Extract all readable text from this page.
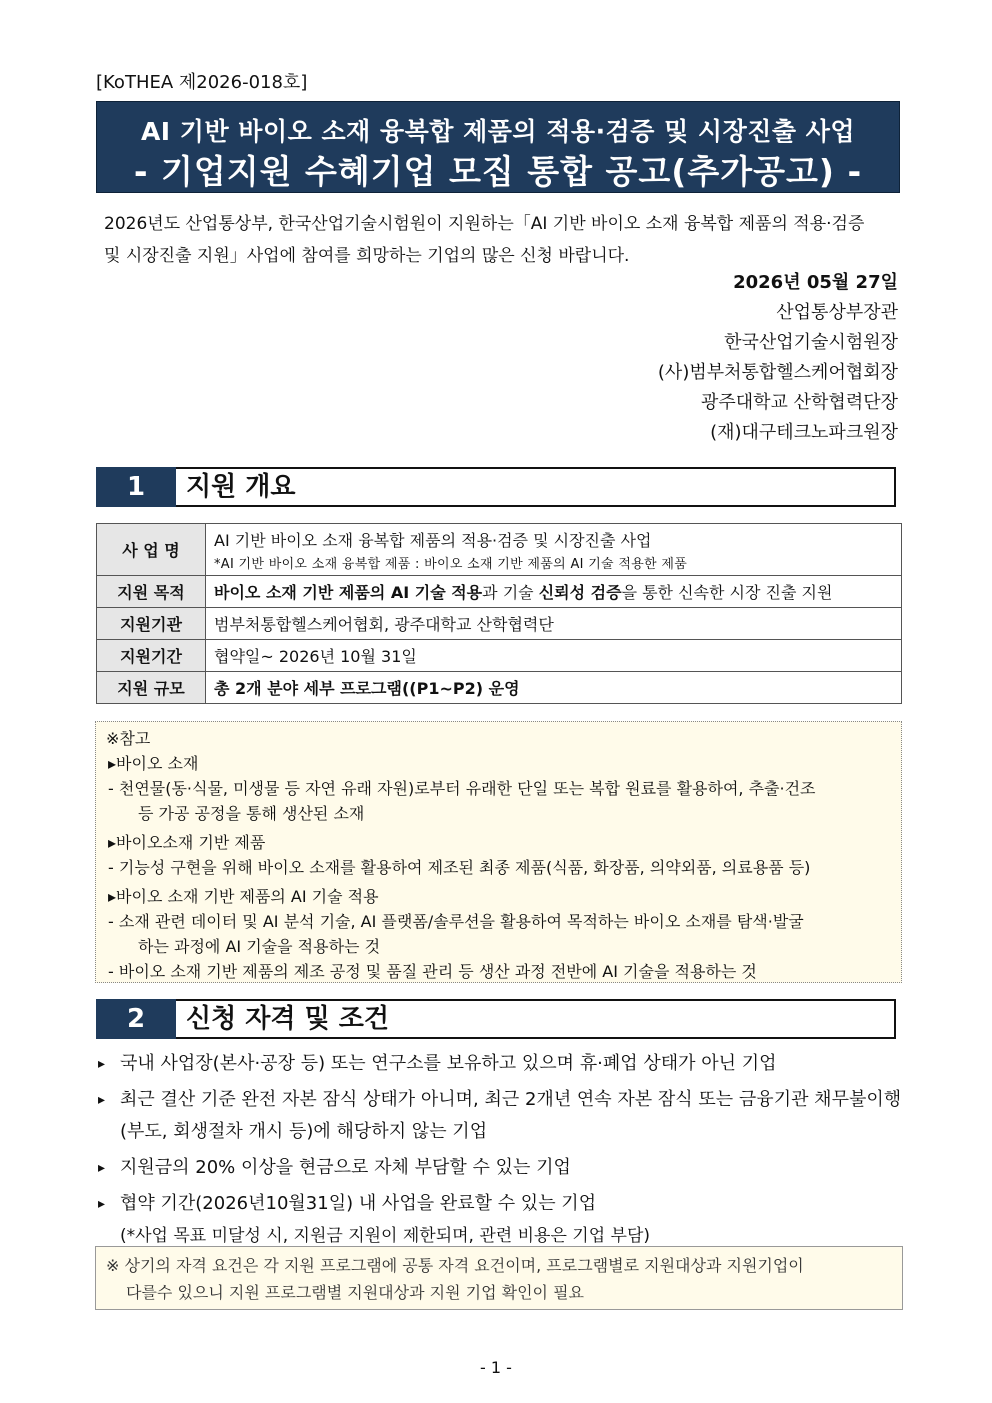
[KoTHEA 제2026-018호]
AI 기반 바이오 소재 융복합 제품의 적용·검증 및 시장진출 사업
- 기업지원 수혜기업 모집 통합 공고(추가공고) -

2026년도 산업통상부, 한국산업기술시험원이 지원하는「AI 기반 바이오 소재 융복합 제품의 적용·검증

및 시장진출 지원」사업에 참여를 희망하는 기업의 많은 신청 바랍니다.

2026년 05월 27일
산업통상부장관
한국산업기술시험원장
(사)범부처통합헬스케어협회장
광주대학교 산학협력단장
(재)대구테크노파크원장
1	지원 개요
사 업 명	AI 기반 바이오 소재 융복합 제품의 적용·검증 및 시장진출 사업
*AI 기반 바이오 소재 융복합 제품 : 바이오 소재 기반 제품의 AI 기술 적용한 제품

지원 목적	바이오 소재 기반 제품의 AI 기술 적용과 기술 신뢰성 검증을 통한 신속한 시장 진출 지원
지원기관	범부처통합헬스케어협회, 광주대학교 산학협력단
지원기간	협약일~ 2026년 10월 31일
지원 규모	총 2개 분야 세부 프로그램((P1~P2) 운영
※참고
▸바이오 소재
- 천연물(동·식물, 미생물 등 자연 유래 자원)로부터 유래한 단일 또는 복합 원료를 활용하여, 추출·건조
등 가공 공정을 통해 생산된 소재
▸바이오소재 기반 제품
- 기능성 구현을 위해 바이오 소재를 활용하여 제조된 최종 제품(식품, 화장품, 의약외품, 의료용품 등)
▸바이오 소재 기반 제품의 AI 기술 적용
- 소재 관련 데이터 및 AI 분석 기술, AI 플랫폼/솔루션을 활용하여 목적하는 바이오 소재를 탐색·발굴
하는 과정에 AI 기술을 적용하는 것
- 바이오 소재 기반 제품의 제조 공정 및 품질 관리 등 생산 과정 전반에 AI 기술을 적용하는 것
2	신청 자격 및 조건
▸ 국내 사업장(본사·공장 등) 또는 연구소를 보유하고 있으며 휴·폐업 상태가 아닌 기업
▸ 최근 결산 기준 완전 자본 잠식 상태가 아니며, 최근 2개년 연속 자본 잠식 또는 금융기관 채무불이행(부도, 회생절차 개시 등)에 해당하지 않는 기업
▸ 지원금의 20% 이상을 현금으로 자체 부담할 수 있는 기업
▸ 협약 기간(2026년10월31일) 내 사업을 완료할 수 있는 기업
(*사업 목표 미달성 시, 지원금 지원이 제한되며, 관련 비용은 기업 부담)
※ 상기의 자격 요건은 각 지원 프로그램에 공통 자격 요건이며, 프로그램별로 지원대상과 지원기업이
다를수 있으니 지원 프로그램별 지원대상과 지원 기업 확인이 필요
- 1 -
